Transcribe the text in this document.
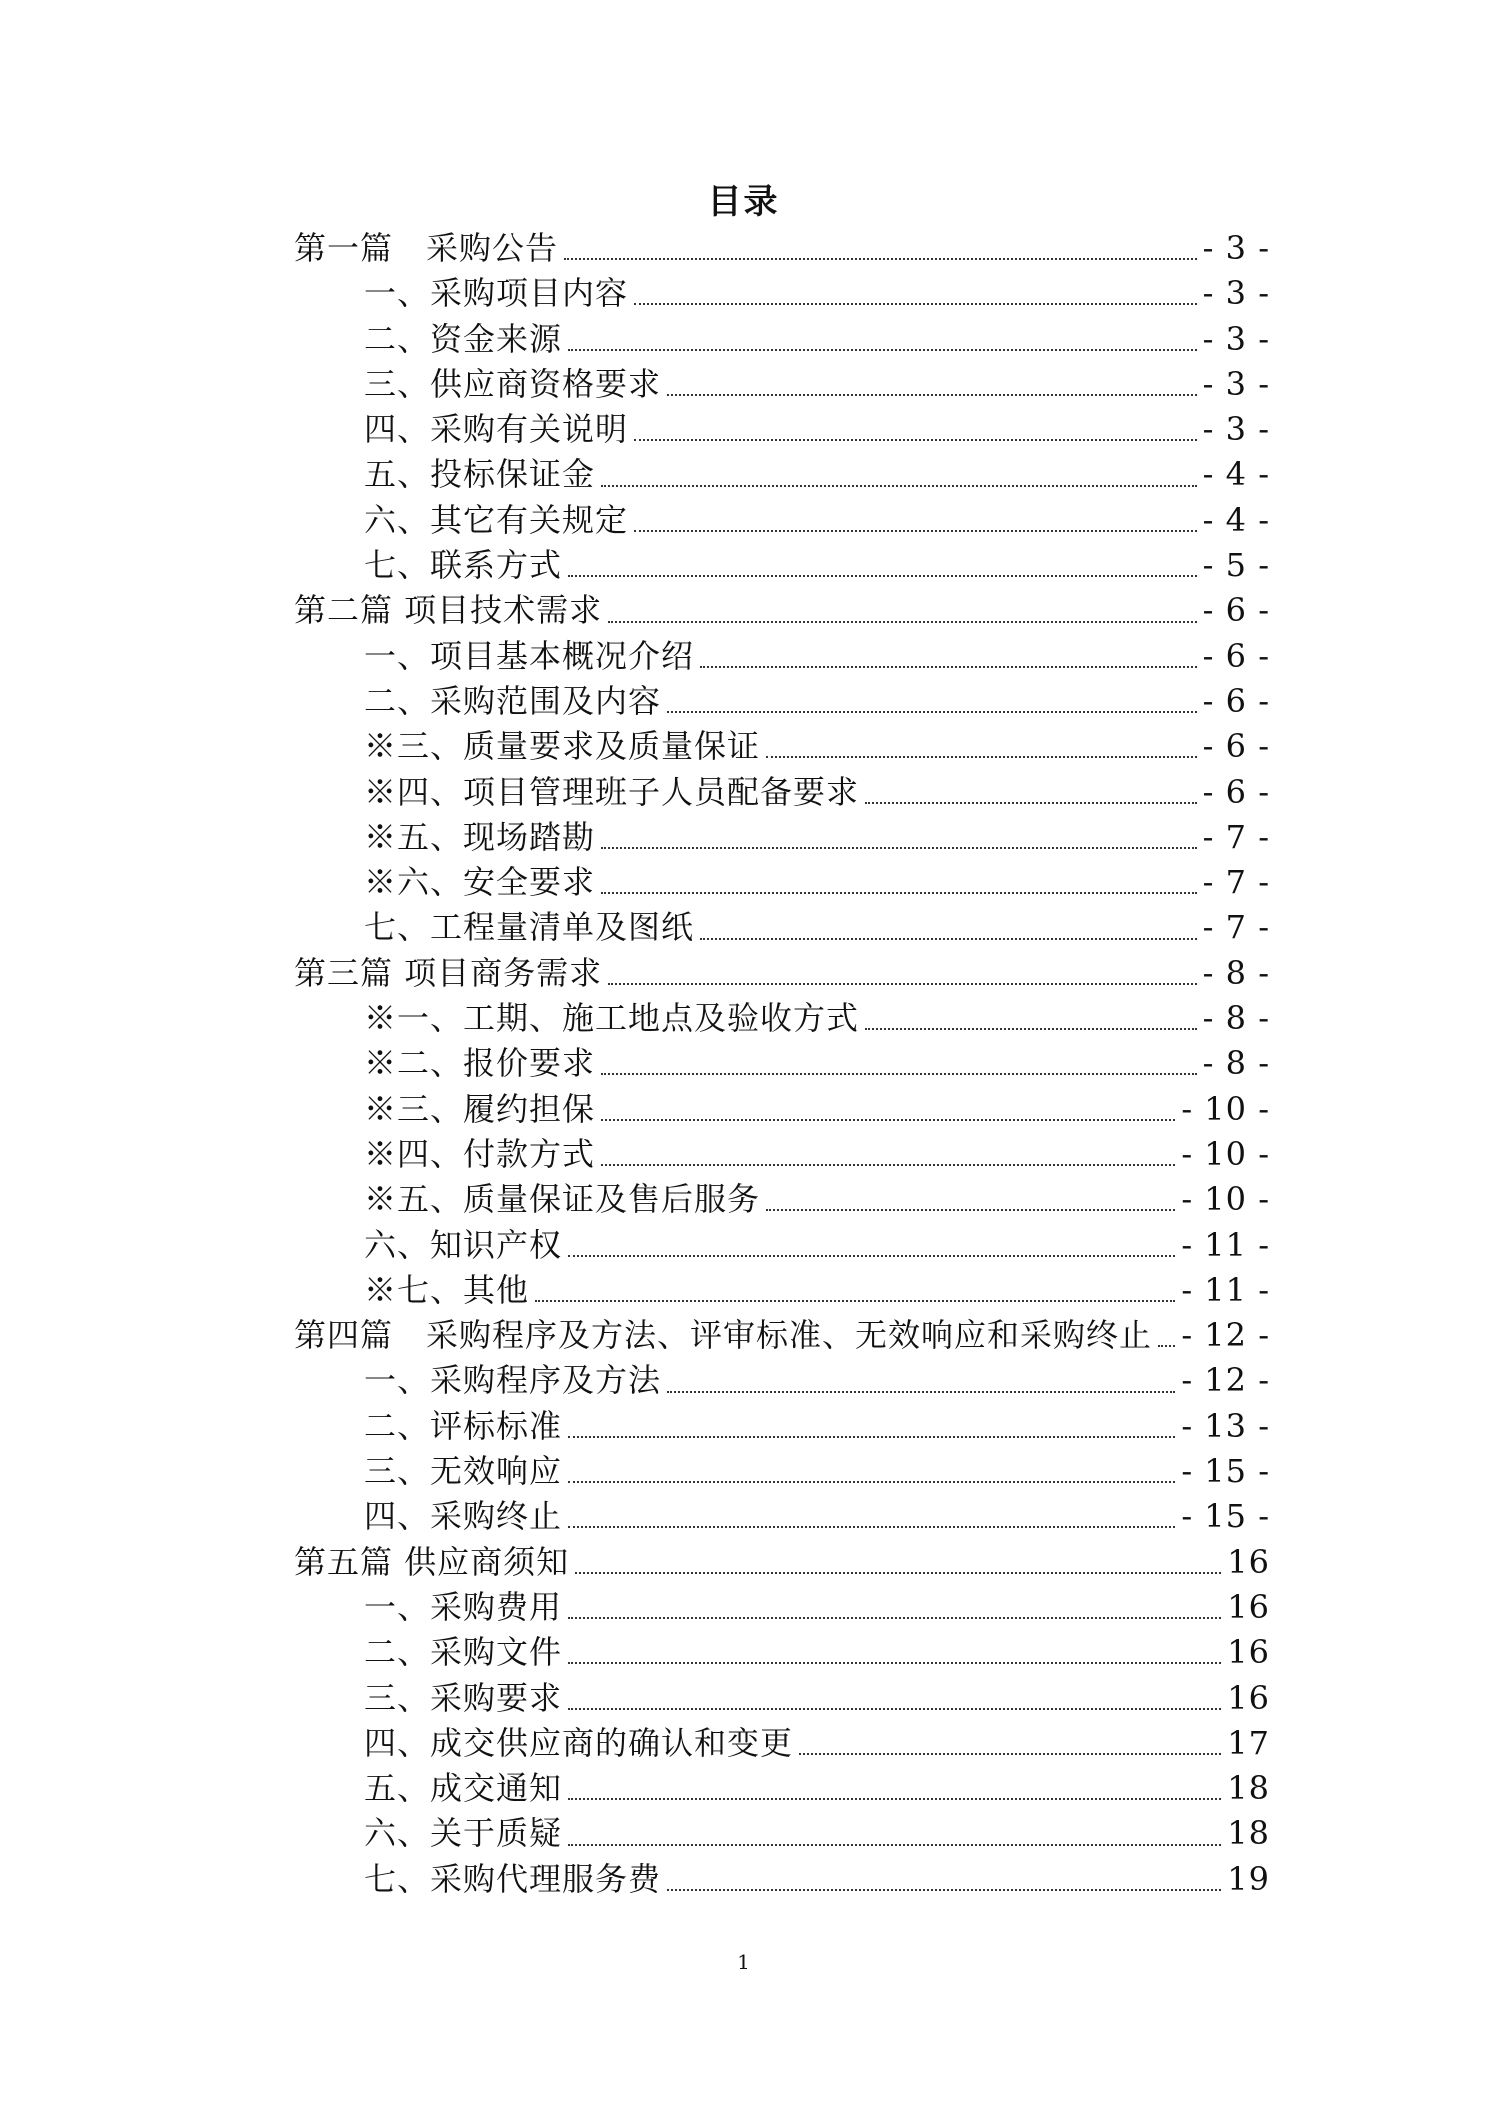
目录
第一篇　采购公告	- 3 -
一、采购项目内容	- 3 -
二、资金来源	- 3 -
三、供应商资格要求	- 3 -
四、采购有关说明	- 3 -
五、投标保证金	- 4 -
六、其它有关规定	- 4 -
七、联系方式	- 5 -
第二篇 项目技术需求	- 6 -
一、项目基本概况介绍	- 6 -
二、采购范围及内容	- 6 -
※三、质量要求及质量保证	- 6 -
※四、项目管理班子人员配备要求	- 6 -
※五、现场踏勘	- 7 -
※六、安全要求	- 7 -
七、工程量清单及图纸	- 7 -
第三篇 项目商务需求	- 8 -
※一、工期、施工地点及验收方式	- 8 -
※二、报价要求	- 8 -
※三、履约担保	- 10 -
※四、付款方式	- 10 -
※五、质量保证及售后服务	- 10 -
六、知识产权	- 11 -
※七、其他	- 11 -
第四篇　采购程序及方法、评审标准、无效响应和采购终止 - 12 -
一、采购程序及方法	- 12 -
二、评标标准	- 13 -
三、无效响应	- 15 -
四、采购终止	- 15 -
第五篇 供应商须知	16
一、采购费用	16
二、采购文件	16
三、采购要求	16
四、成交供应商的确认和变更	17
五、成交通知	18
六、关于质疑	18
七、采购代理服务费	19
1
